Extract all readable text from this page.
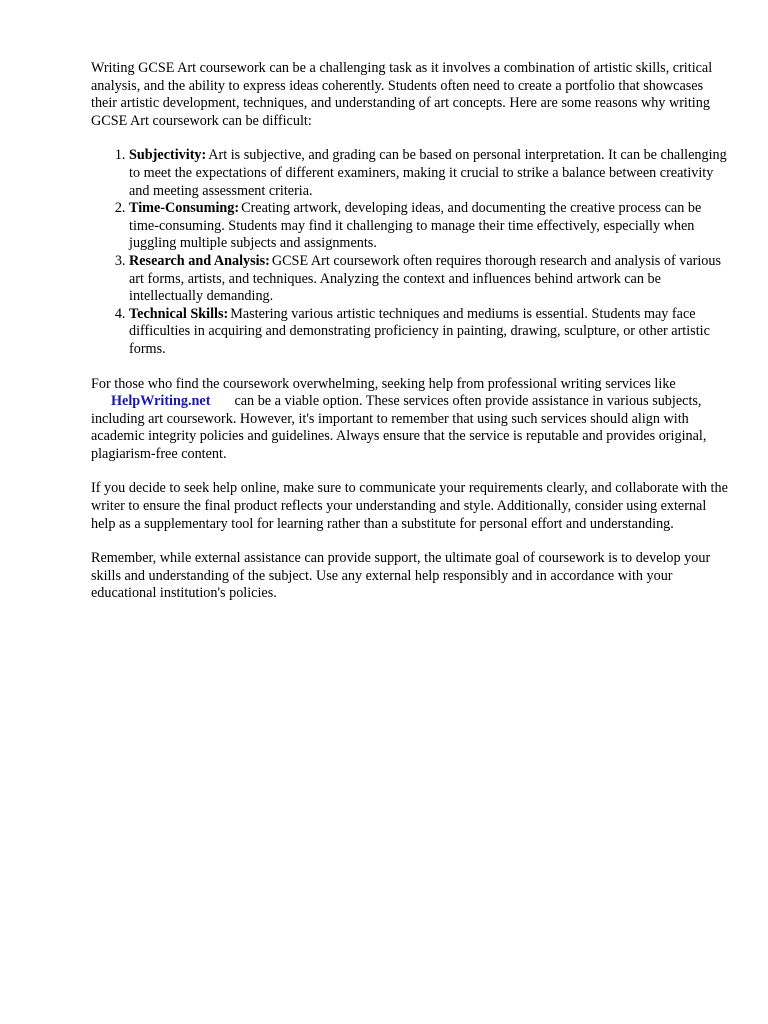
Writing GCSE Art coursework can be a challenging task as it involves a combination of artistic skills, critical analysis, and the ability to express ideas coherently. Students often need to create a portfolio that showcases their artistic development, techniques, and understanding of art concepts. Here are some reasons why writing GCSE Art coursework can be difficult:

1. Subjectivity: Art is subjective, and grading can be based on personal interpretation. It can be challenging to meet the expectations of different examiners, making it crucial to strike a balance between creativity and meeting assessment criteria.
2. Time-Consuming: Creating artwork, developing ideas, and documenting the creative process can be time-consuming. Students may find it challenging to manage their time effectively, especially when juggling multiple subjects and assignments.
3. Research and Analysis: GCSE Art coursework often requires thorough research and analysis of various art forms, artists, and techniques. Analyzing the context and influences behind artwork can be intellectually demanding.
4. Technical Skills: Mastering various artistic techniques and mediums is essential. Students may face difficulties in acquiring and demonstrating proficiency in painting, drawing, sculpture, or other artistic forms.

For those who find the coursework overwhelming, seeking help from professional writing services likeHelpWriting.net can be a viable option. These services often provide assistance in various subjects, including art coursework. However, it's important to remember that using such services should align with academic integrity policies and guidelines. Always ensure that the service is reputable and provides original, plagiarism-free content.

If you decide to seek help online, make sure to communicate your requirements clearly, and collaborate with the writer to ensure the final product reflects your understanding and style. Additionally, consider using external help as a supplementary tool for learning rather than a substitute for personal effort and understanding.

Remember, while external assistance can provide support, the ultimate goal of coursework is to develop your skills and understanding of the subject. Use any external help responsibly and in accordance with your educational institution's policies.
